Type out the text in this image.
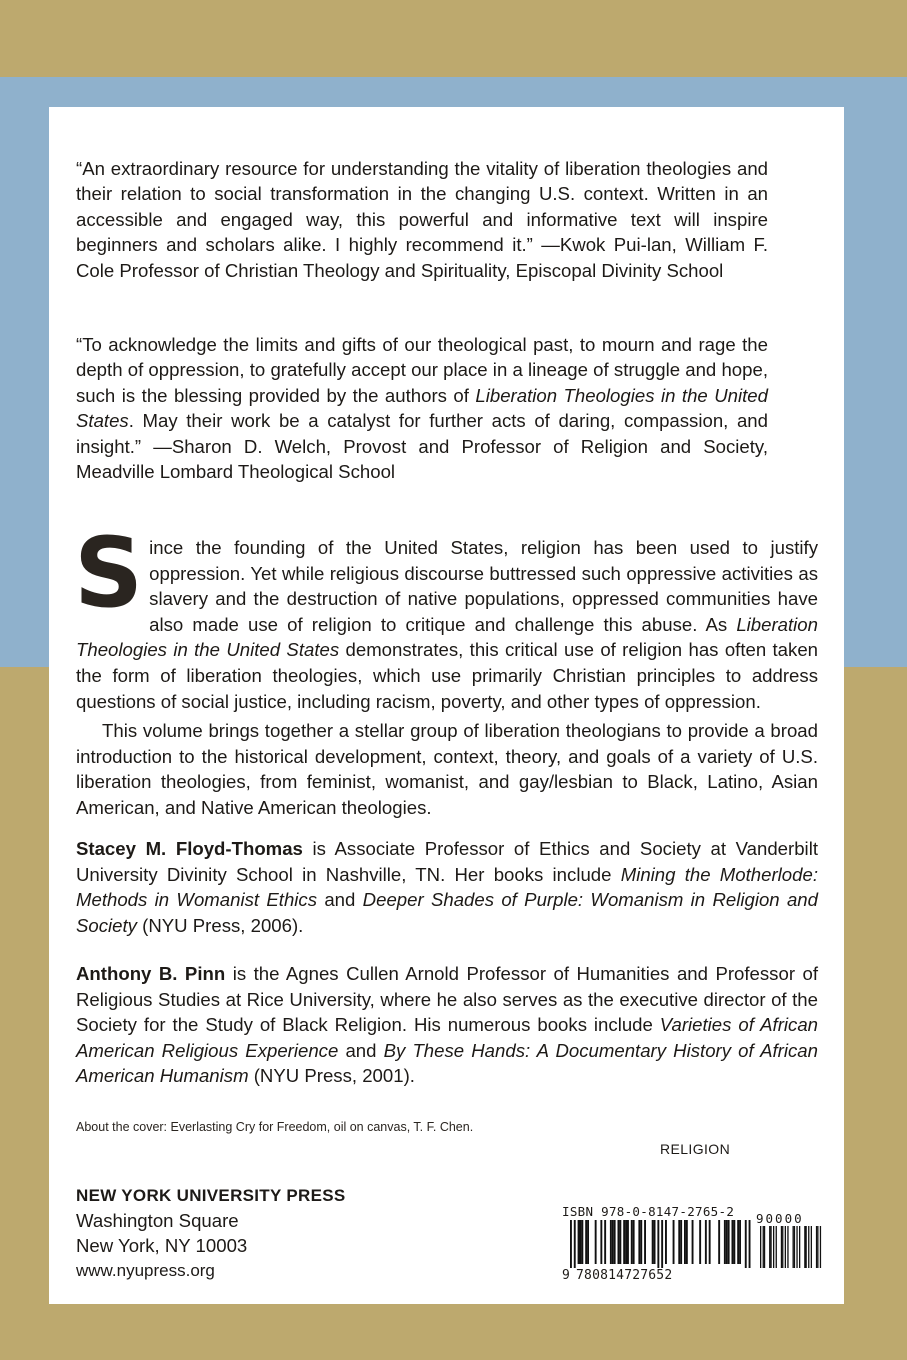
“An extraordinary resource for understanding the vitality of liberation theologies and their relation to social transformation in the changing U.S. context. Written in an accessible and engaged way, this powerful and informative text will inspire beginners and scholars alike. I highly recommend it.” —Kwok Pui-lan, William F. Cole Professor of Christian Theology and Spirituality, Episcopal Divinity School

“To acknowledge the limits and gifts of our theological past, to mourn and rage the depth of oppression, to gratefully accept our place in a lineage of struggle and hope, such is the blessing provided by the authors of Liberation Theologies in the United States. May their work be a catalyst for further acts of daring, compassion, and insight.” —Sharon D. Welch, Provost and Professor of Religion and Society, Meadville Lombard Theological School

Since the founding of the United States, religion has been used to justify oppression. Yet while religious discourse buttressed such oppressive activities as slavery and the destruction of native populations, oppressed communities have also made use of religion to critique and challenge this abuse. As Liberation Theologies in the United States demonstrates, this critical use of religion has often taken the form of liberation theologies, which use primarily Christian principles to address questions of social justice, including racism, poverty, and other types of oppression.

This volume brings together a stellar group of liberation theologians to provide a broad introduction to the historical development, context, theory, and goals of a variety of U.S. liberation theologies, from feminist, womanist, and gay/lesbian to Black, Latino, Asian American, and Native American theologies.

Stacey M. Floyd-Thomas is Associate Professor of Ethics and Society at Vanderbilt University Divinity School in Nashville, TN. Her books include Mining the Motherlode: Methods in Womanist Ethics and Deeper Shades of Purple: Womanism in Religion and Society (NYU Press, 2006).

Anthony B. Pinn is the Agnes Cullen Arnold Professor of Humanities and Professor of Religious Studies at Rice University, where he also serves as the executive director of the Society for the Study of Black Religion. His numerous books include Varieties of African American Religious Experience and By These Hands: A Documentary History of African American Humanism (NYU Press, 2001).

About the cover: Everlasting Cry for Freedom, oil on canvas, T. F. Chen.
NEW YORK UNIVERSITY PRESS
Washington Square
New York, NY 10003
www.nyupress.org
RELIGION
ISBN 978-0-8147-2765-2 90000
9 780814727652
